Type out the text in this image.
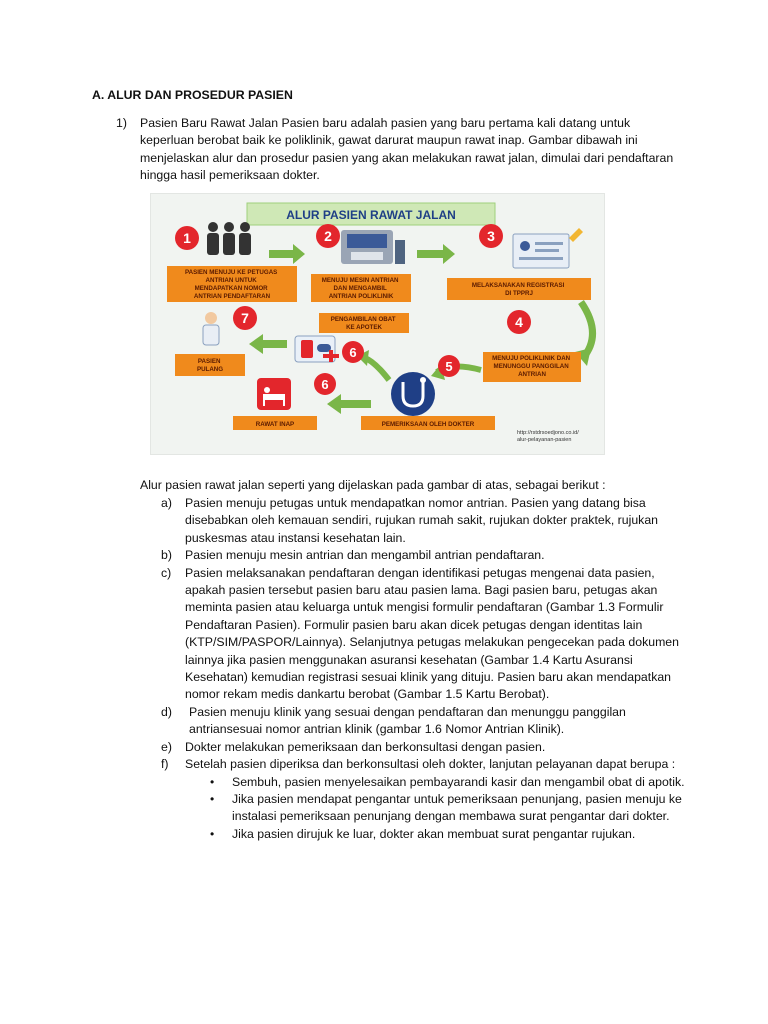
A. ALUR DAN PROSEDUR PASIEN
1) Pasien Baru Rawat Jalan Pasien baru adalah pasien yang baru pertama kali datang untuk keperluan berobat baik ke poliklinik, gawat darurat maupun rawat inap. Gambar dibawah ini menjelaskan alur dan prosedur pasien yang akan melakukan rawat jalan, dimulai dari pendaftaran hingga hasil pemeriksaan dokter.
ALUR PASIEN RAWAT JALAN
1
PASIEN MENUJU KE PETUGAS ANTRIAN UNTUK MENDAPATKAN NOMOR ANTRIAN PENDAFTARAN
2
MENUJU MESIN ANTRIAN DAN MENGAMBIL ANTRIAN POLIKLINIK
3
MELAKSANAKAN REGISTRASI DI TPPRJ
4
MENUJU POLIKLINIK DAN MENUNGGU PANGGILAN ANTRIAN
5
PEMERIKSAAN OLEH DOKTER
6
PENGAMBILAN OBAT KE APOTEK
7
PASIEN PULANG
6
RAWAT INAP
http://rstdrsoedjono.co.id/ alur-pelayanan-pasien
Alur pasien rawat jalan seperti yang dijelaskan pada gambar di atas, sebagai berikut :
a) Pasien menuju petugas untuk mendapatkan nomor antrian. Pasien yang datang bisa disebabkan oleh kemauan sendiri, rujukan rumah sakit, rujukan dokter praktek, rujukan puskesmas atau instansi kesehatan lain.
b) Pasien menuju mesin antrian dan mengambil antrian pendaftaran.
c) Pasien melaksanakan pendaftaran dengan identifikasi petugas mengenai data pasien, apakah pasien tersebut pasien baru atau pasien lama. Bagi pasien baru, petugas akan meminta pasien atau keluarga untuk mengisi formulir pendaftaran (Gambar 1.3 Formulir Pendaftaran Pasien). Formulir pasien baru akan dicek petugas dengan identitas lain (KTP/SIM/PASPOR/Lainnya). Selanjutnya petugas melakukan pengecekan pada dokumen lainnya jika pasien menggunakan asuransi kesehatan (Gambar 1.4 Kartu Asuransi Kesehatan) kemudian registrasi sesuai klinik yang dituju. Pasien baru akan mendapatkan nomor rekam medis dankartu berobat (Gambar 1.5 Kartu Berobat).
d)	Pasien menuju klinik yang sesuai dengan pendaftaran dan menunggu panggilan antriansesuai nomor antrian klinik (gambar 1.6 Nomor Antrian Klinik).
e) Dokter melakukan pemeriksaan dan berkonsultasi dengan pasien.
f) Setelah pasien diperiksa dan berkonsultasi oleh dokter, lanjutan pelayanan dapat berupa :
• Sembuh, pasien menyelesaikan pembayarandi kasir dan mengambil obat di apotik.
• Jika pasien mendapat pengantar untuk pemeriksaan penunjang, pasien menuju ke instalasi pemeriksaan penunjang dengan membawa surat pengantar dari dokter.
• Jika pasien dirujuk ke luar, dokter akan membuat surat pengantar rujukan.
